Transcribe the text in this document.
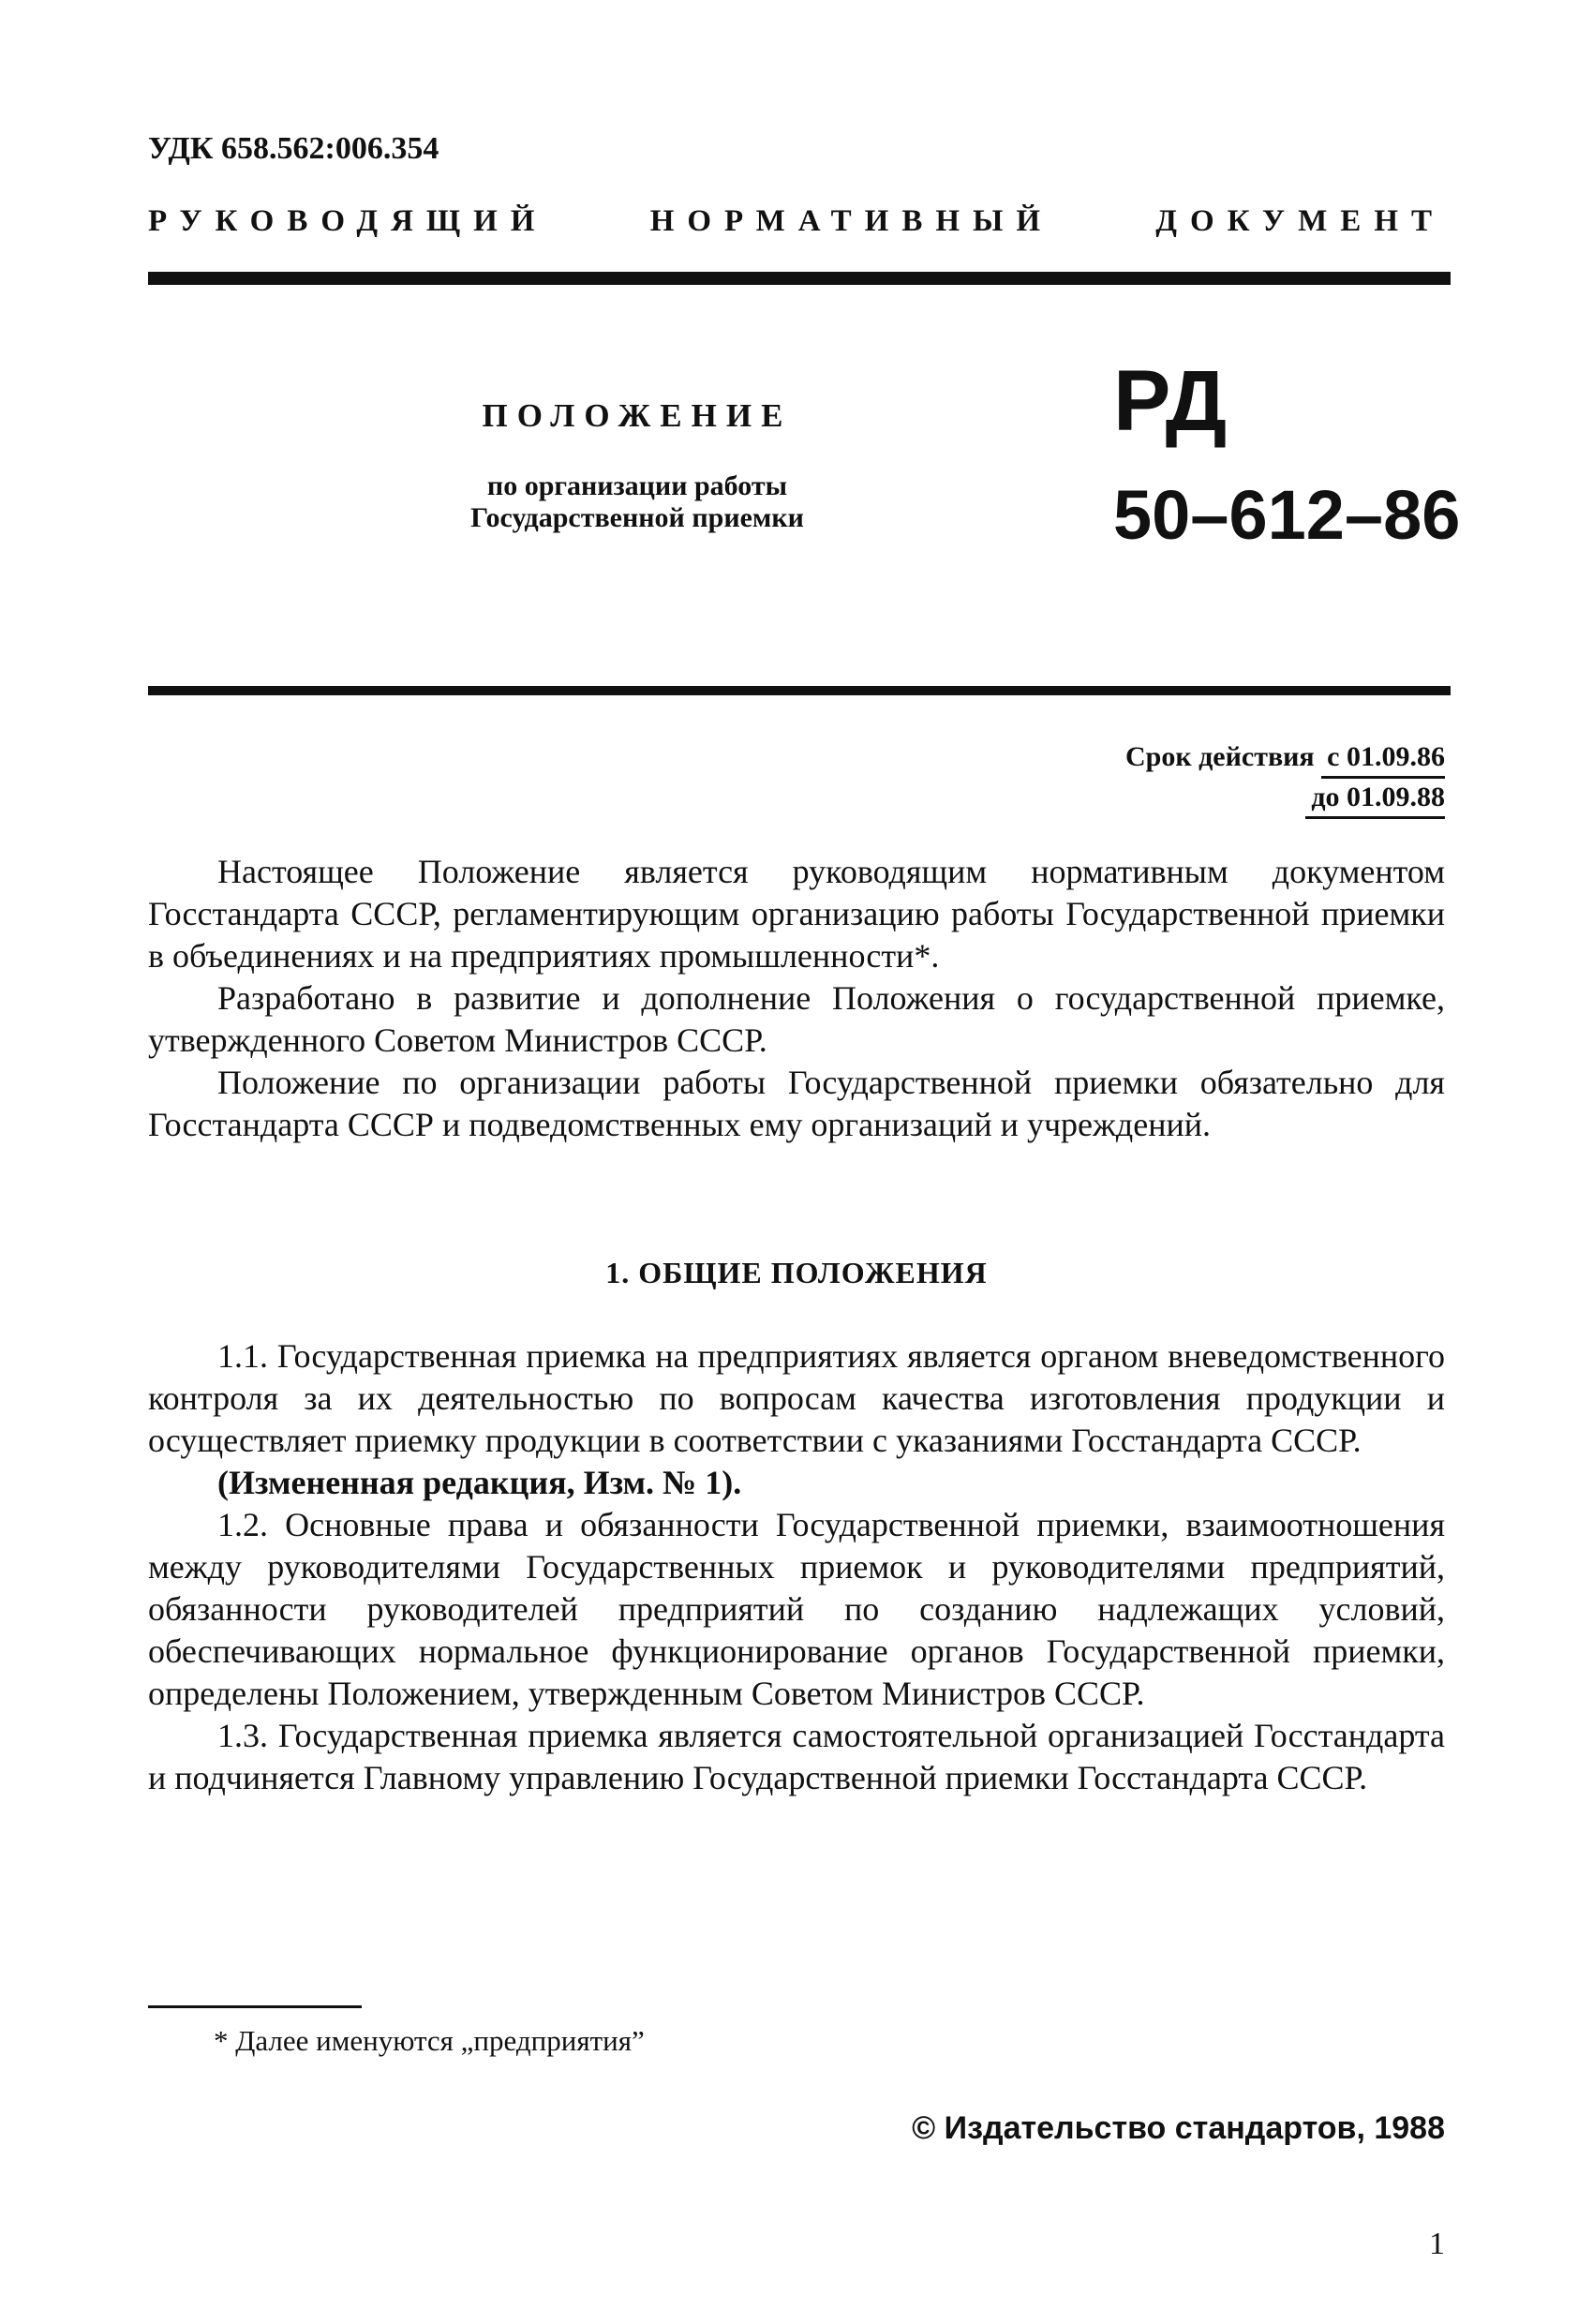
УДК 658.562:006.354
РУКОВОДЯЩИЙ	НОРМАТИВНЫЙ	ДОКУМЕНТ
ПОЛОЖЕНИЕ
по организации работы
Государственной приемки
РД
50–612–86
Срок действия с 01.09.86
до 01.09.88

Настоящее Положение является руководящим нормативным документом Госстандарта СССР, регламентирующим организацию работы Государственной приемки в объединениях и на предприятиях промышленности*.

Разработано в развитие и дополнение Положения о государственной приемке, утвержденного Советом Министров СССР.

Положение по организации работы Государственной приемки обязательно для Госстандарта СССР и подведомственных ему организаций и учреждений.

1. ОБЩИЕ ПОЛОЖЕНИЯ

1.1. Государственная приемка на предприятиях является органом вневедомственного контроля за их деятельностью по вопросам качества изготовления продукции и осуществляет приемку продукции в соответствии с указаниями Госстандарта СССР.

(Измененная редакция, Изм. № 1).

1.2. Основные права и обязанности Государственной приемки, взаимоотношения между руководителями Государственных приемок и руководителями предприятий, обязанности руководителей предприятий по созданию надлежащих условий, обеспечивающих нормальное функционирование органов Государственной приемки, определены Положением, утвержденным Советом Министров СССР.

1.3. Государственная приемка является самостоятельной организацией Госстандарта и подчиняется Главному управлению Государственной приемки Госстандарта СССР.

* Далее именуются „предприятия”
© Издательство стандартов, 1988
1
